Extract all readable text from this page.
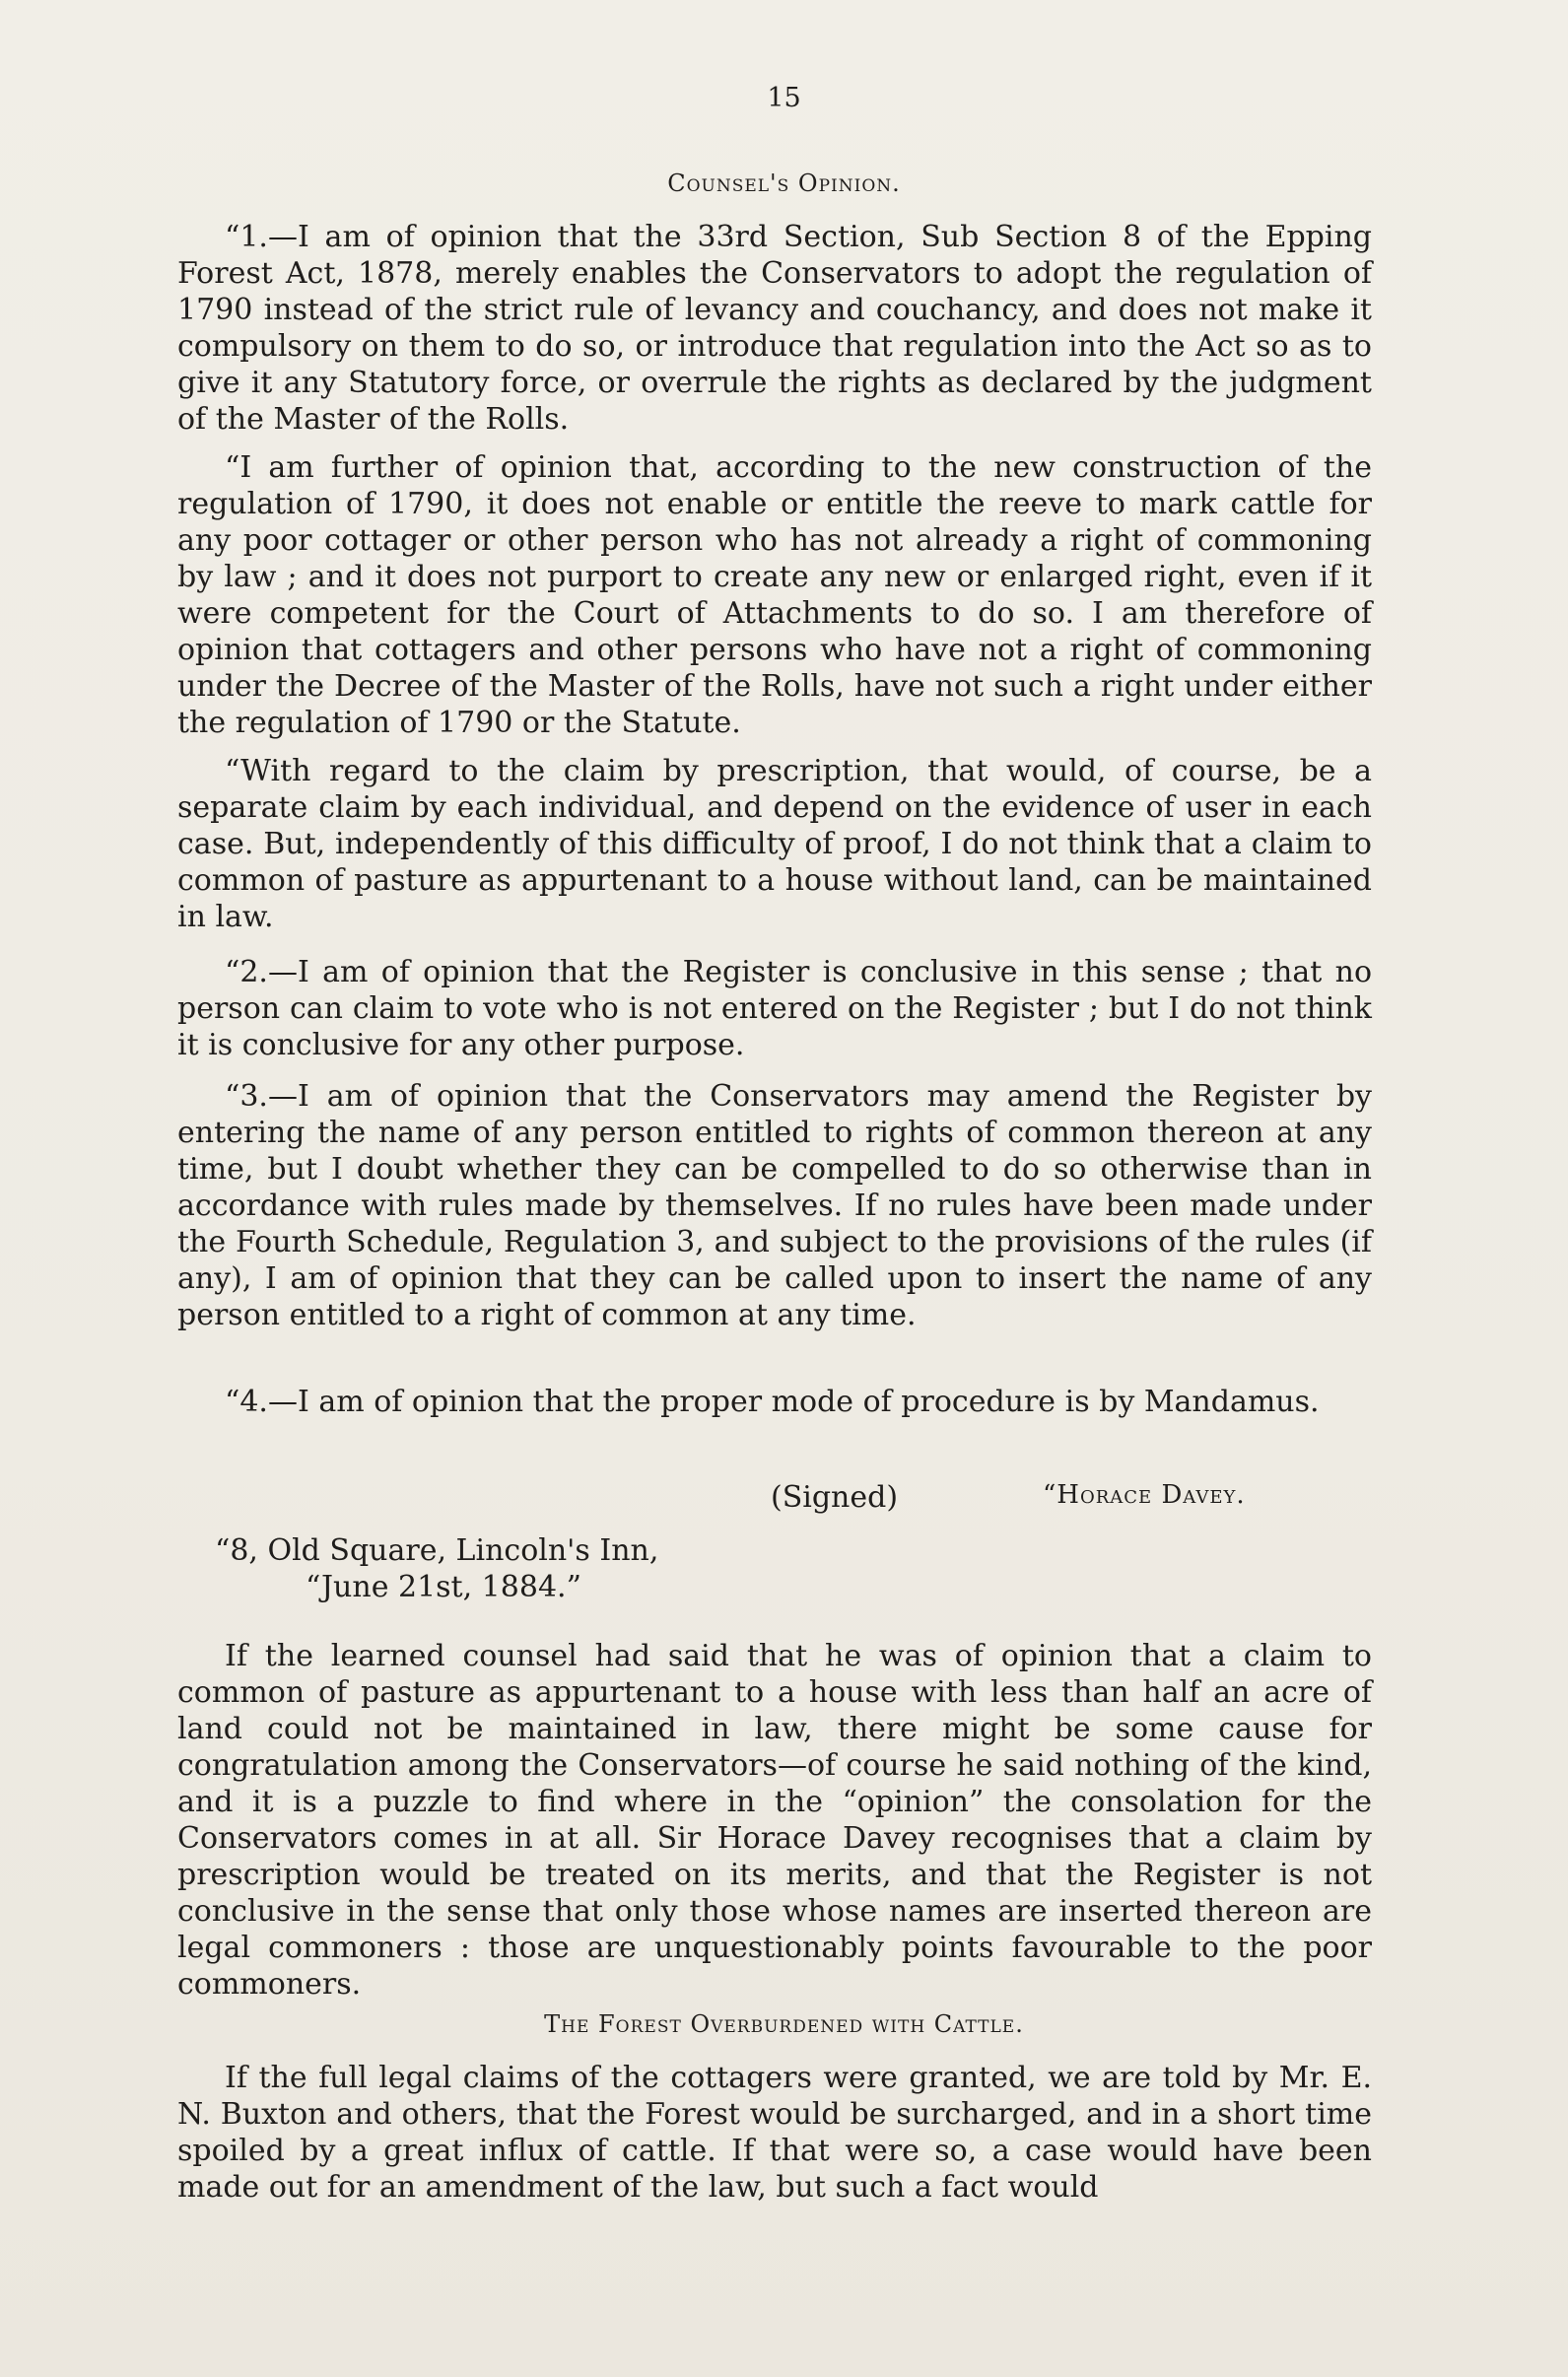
15
Counsel's Opinion.

“1.—I am of opinion that the 33rd Section, Sub Section 8 of the Epping Forest Act, 1878, merely enables the Conservators to adopt the regulation of 1790 instead of the strict rule of levancy and couchancy, and does not make it compulsory on them to do so, or introduce that regulation into the Act so as to give it any Statutory force, or overrule the rights as declared by the judgment of the Master of the Rolls.

“I am further of opinion that, according to the new construction of the regulation of 1790, it does not enable or entitle the reeve to mark cattle for any poor cottager or other person who has not already a right of commoning by law ; and it does not purport to create any new or enlarged right, even if it were competent for the Court of Attachments to do so. I am therefore of opinion that cottagers and other persons who have not a right of commoning under the Decree of the Master of the Rolls, have not such a right under either the regulation of 1790 or the Statute.

“With regard to the claim by prescription, that would, of course, be a separate claim by each individual, and depend on the evidence of user in each case. But, independently of this difficulty of proof, I do not think that a claim to common of pasture as appurtenant to a house without land, can be maintained in law.

“2.—I am of opinion that the Register is conclusive in this sense ; that no person can claim to vote who is not entered on the Register ; but I do not think it is conclusive for any other purpose.

“3.—I am of opinion that the Conservators may amend the Register by entering the name of any person entitled to rights of common thereon at any time, but I doubt whether they can be compelled to do so otherwise than in accordance with rules made by themselves. If no rules have been made under the Fourth Schedule, Regulation 3, and subject to the provisions of the rules (if any), I am of opinion that they can be called upon to insert the name of any person entitled to a right of common at any time.

“4.—I am of opinion that the proper mode of procedure is by Mandamus.

(Signed)	“Horace Davey.
“8, Old Square, Lincoln's Inn,
“June 21st, 1884.”

If the learned counsel had said that he was of opinion that a claim to common of pasture as appurtenant to a house with less than half an acre of land could not be maintained in law, there might be some cause for congratulation among the Conservators—of course he said nothing of the kind, and it is a puzzle to find where in the “opinion” the consolation for the Conservators comes in at all. Sir Horace Davey recognises that a claim by prescription would be treated on its merits, and that the Register is not conclusive in the sense that only those whose names are inserted thereon are legal commoners : those are unquestionably points favourable to the poor commoners.

The Forest Overburdened with Cattle.

If the full legal claims of the cottagers were granted, we are told by Mr. E. N. Buxton and others, that the Forest would be surcharged, and in a short time spoiled by a great influx of cattle. If that were so, a case would have been made out for an amendment of the law, but such a fact would
